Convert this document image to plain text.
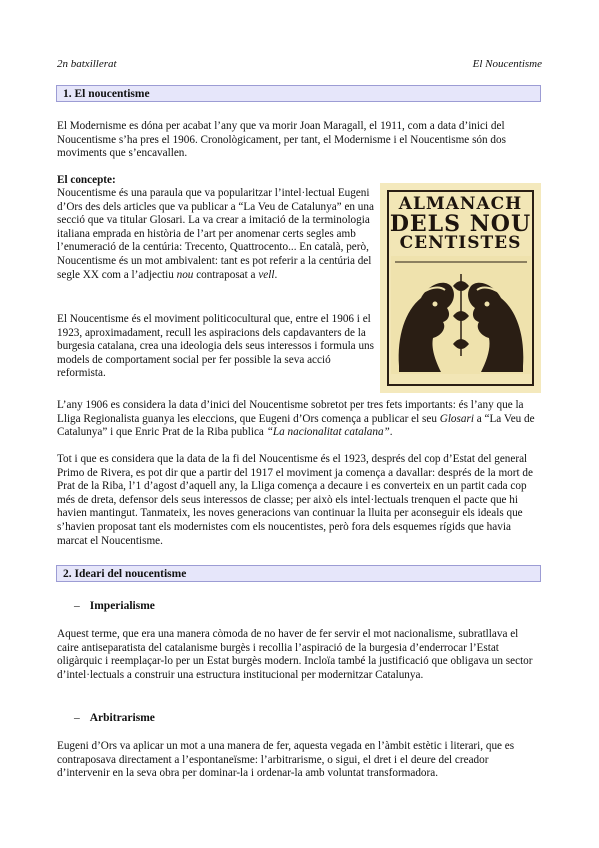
2n batxillerat	El Noucentisme
1. El noucentisme
El Modernisme es dóna per acabat l’any que va morir Joan Maragall, el 1911, com a data d’inici del Noucentisme s’ha pres el 1906. Cronològicament, per tant, el Modernisme i el Noucentisme són dos moviments que s’encavallen.
El concepte:
Noucentisme és una paraula que va popularitzar l’intel·lectual Eugeni d’Ors des dels articles que va publicar a “La Veu de Catalunya” en una secció que va titular Glosari. La va crear a imitació de la terminologia italiana emprada en història de l’art per anomenar certs segles amb l’enumeració de la centúria: Trecento, Quattrocento... En català, però, Noucentisme és un mot ambivalent: tant es pot referir a la centúria del segle XX com a l’adjectiu nou contraposat a vell.
El Noucentisme és el moviment politicocultural que, entre el 1906 i el 1923, aproximadament, recull les aspiracions dels capdavanters de la burgesia catalana, crea una ideologia dels seus interessos i formula uns models de comportament social per fer possible la seva acció reformista.
ALMANACH
DELS NOU
CENTISTES
L’any 1906 es considera la data d’inici del Noucentisme sobretot per tres fets importants: és l’any que la Lliga Regionalista guanya les eleccions, que Eugeni d’Ors comença a publicar el seu Glosari a “La Veu de Catalunya” i que Enric Prat de la Riba publica “La nacionalitat catalana”.
Tot i que es considera que la data de la fi del Noucentisme és el 1923, després del cop d’Estat del general Primo de Rivera, es pot dir que a partir del 1917 el moviment ja comença a davallar: després de la mort de Prat de la Riba, l’1 d’agost d’aquell any, la Lliga comença a decaure i es converteix en un partit cada cop més de dreta, defensor dels seus interessos de classe; per això els intel·lectuals trenquen el pacte que hi havien mantingut. Tanmateix, les noves generacions van continuar la lluita per aconseguir els ideals que s’havien proposat tant els modernistes com els noucentistes, però fora dels esquemes rígids que havia marcat el Noucentisme.
2. Ideari del noucentisme
– Imperialisme
Aquest terme, que era una manera còmoda de no haver de fer servir el mot nacionalisme, subratllava el caire antiseparatista del catalanisme burgès i recollia l’aspiració de la burgesia d’enderrocar l’Estat oligàrquic i reemplaçar-lo per un Estat burgès modern. Incloïa també la justificació que obligava un sector d’intel·lectuals a construir una estructura institucional per modernitzar Catalunya.
– Arbitrarisme
Eugeni d’Ors va aplicar un mot a una manera de fer, aquesta vegada en l’àmbit estètic i literari, que es contraposava directament a l’espontaneïsme: l’arbitrarisme, o sigui, el dret i el deure del creador d’intervenir en la seva obra per dominar-la i ordenar-la amb voluntat transformadora.
